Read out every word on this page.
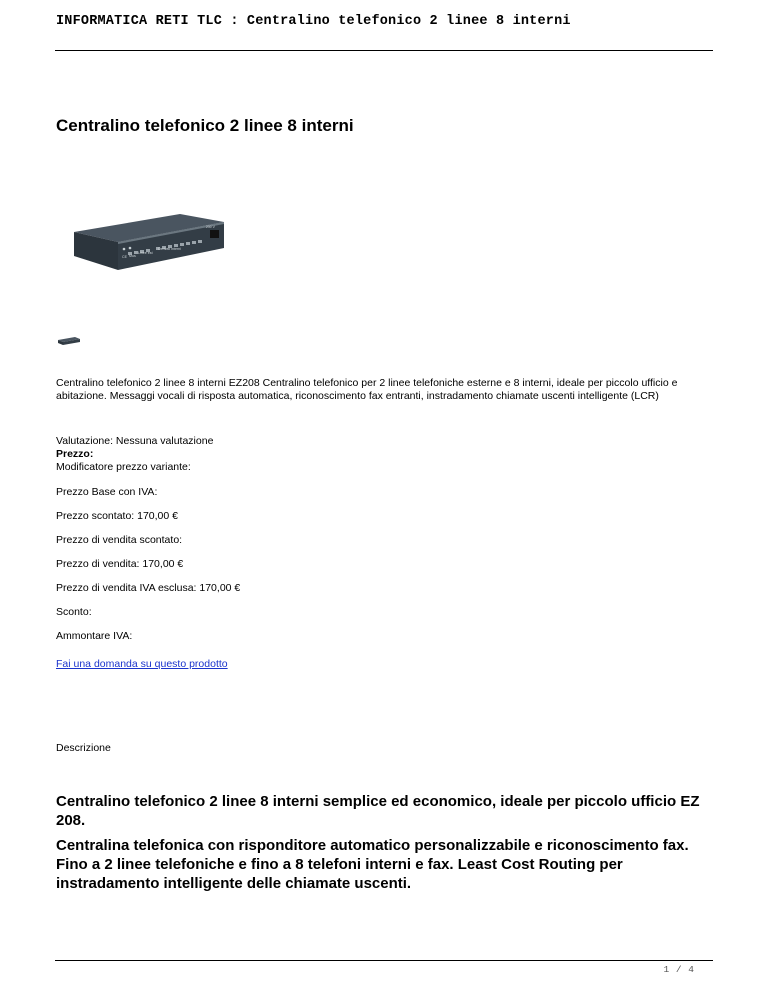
INFORMATICA RETI TLC : Centralino telefonico 2 linee 8 interni
Centralino telefonico 2 linee 8 interni
CE Mus
Linee est
Derivati interni
230 V

Centralino telefonico 2 linee 8 interni EZ208 Centralino telefonico per 2 linee telefoniche esterne e 8 interni, ideale per piccolo ufficio e abitazione. Messaggi vocali di risposta automatica, riconoscimento fax entranti, instradamento chiamate uscenti intelligente (LCR)

Valutazione: Nessuna valutazione
Prezzo:
Modificatore prezzo variante:
Prezzo Base con IVA:
Prezzo scontato: 170,00 €
Prezzo di vendita scontato:
Prezzo di vendita: 170,00 €
Prezzo di vendita IVA esclusa: 170,00 €
Sconto:
Ammontare IVA:
Fai una domanda su questo prodotto
Descrizione
Centralino telefonico 2 linee 8 interni semplice ed economico, ideale per piccolo ufficio EZ 208.
Centralina telefonica con risponditore automatico personalizzabile e riconoscimento fax. Fino a 2 linee telefoniche e fino a 8 telefoni interni e fax. Least Cost Routing per instradamento intelligente delle chiamate uscenti.
1 / 4
